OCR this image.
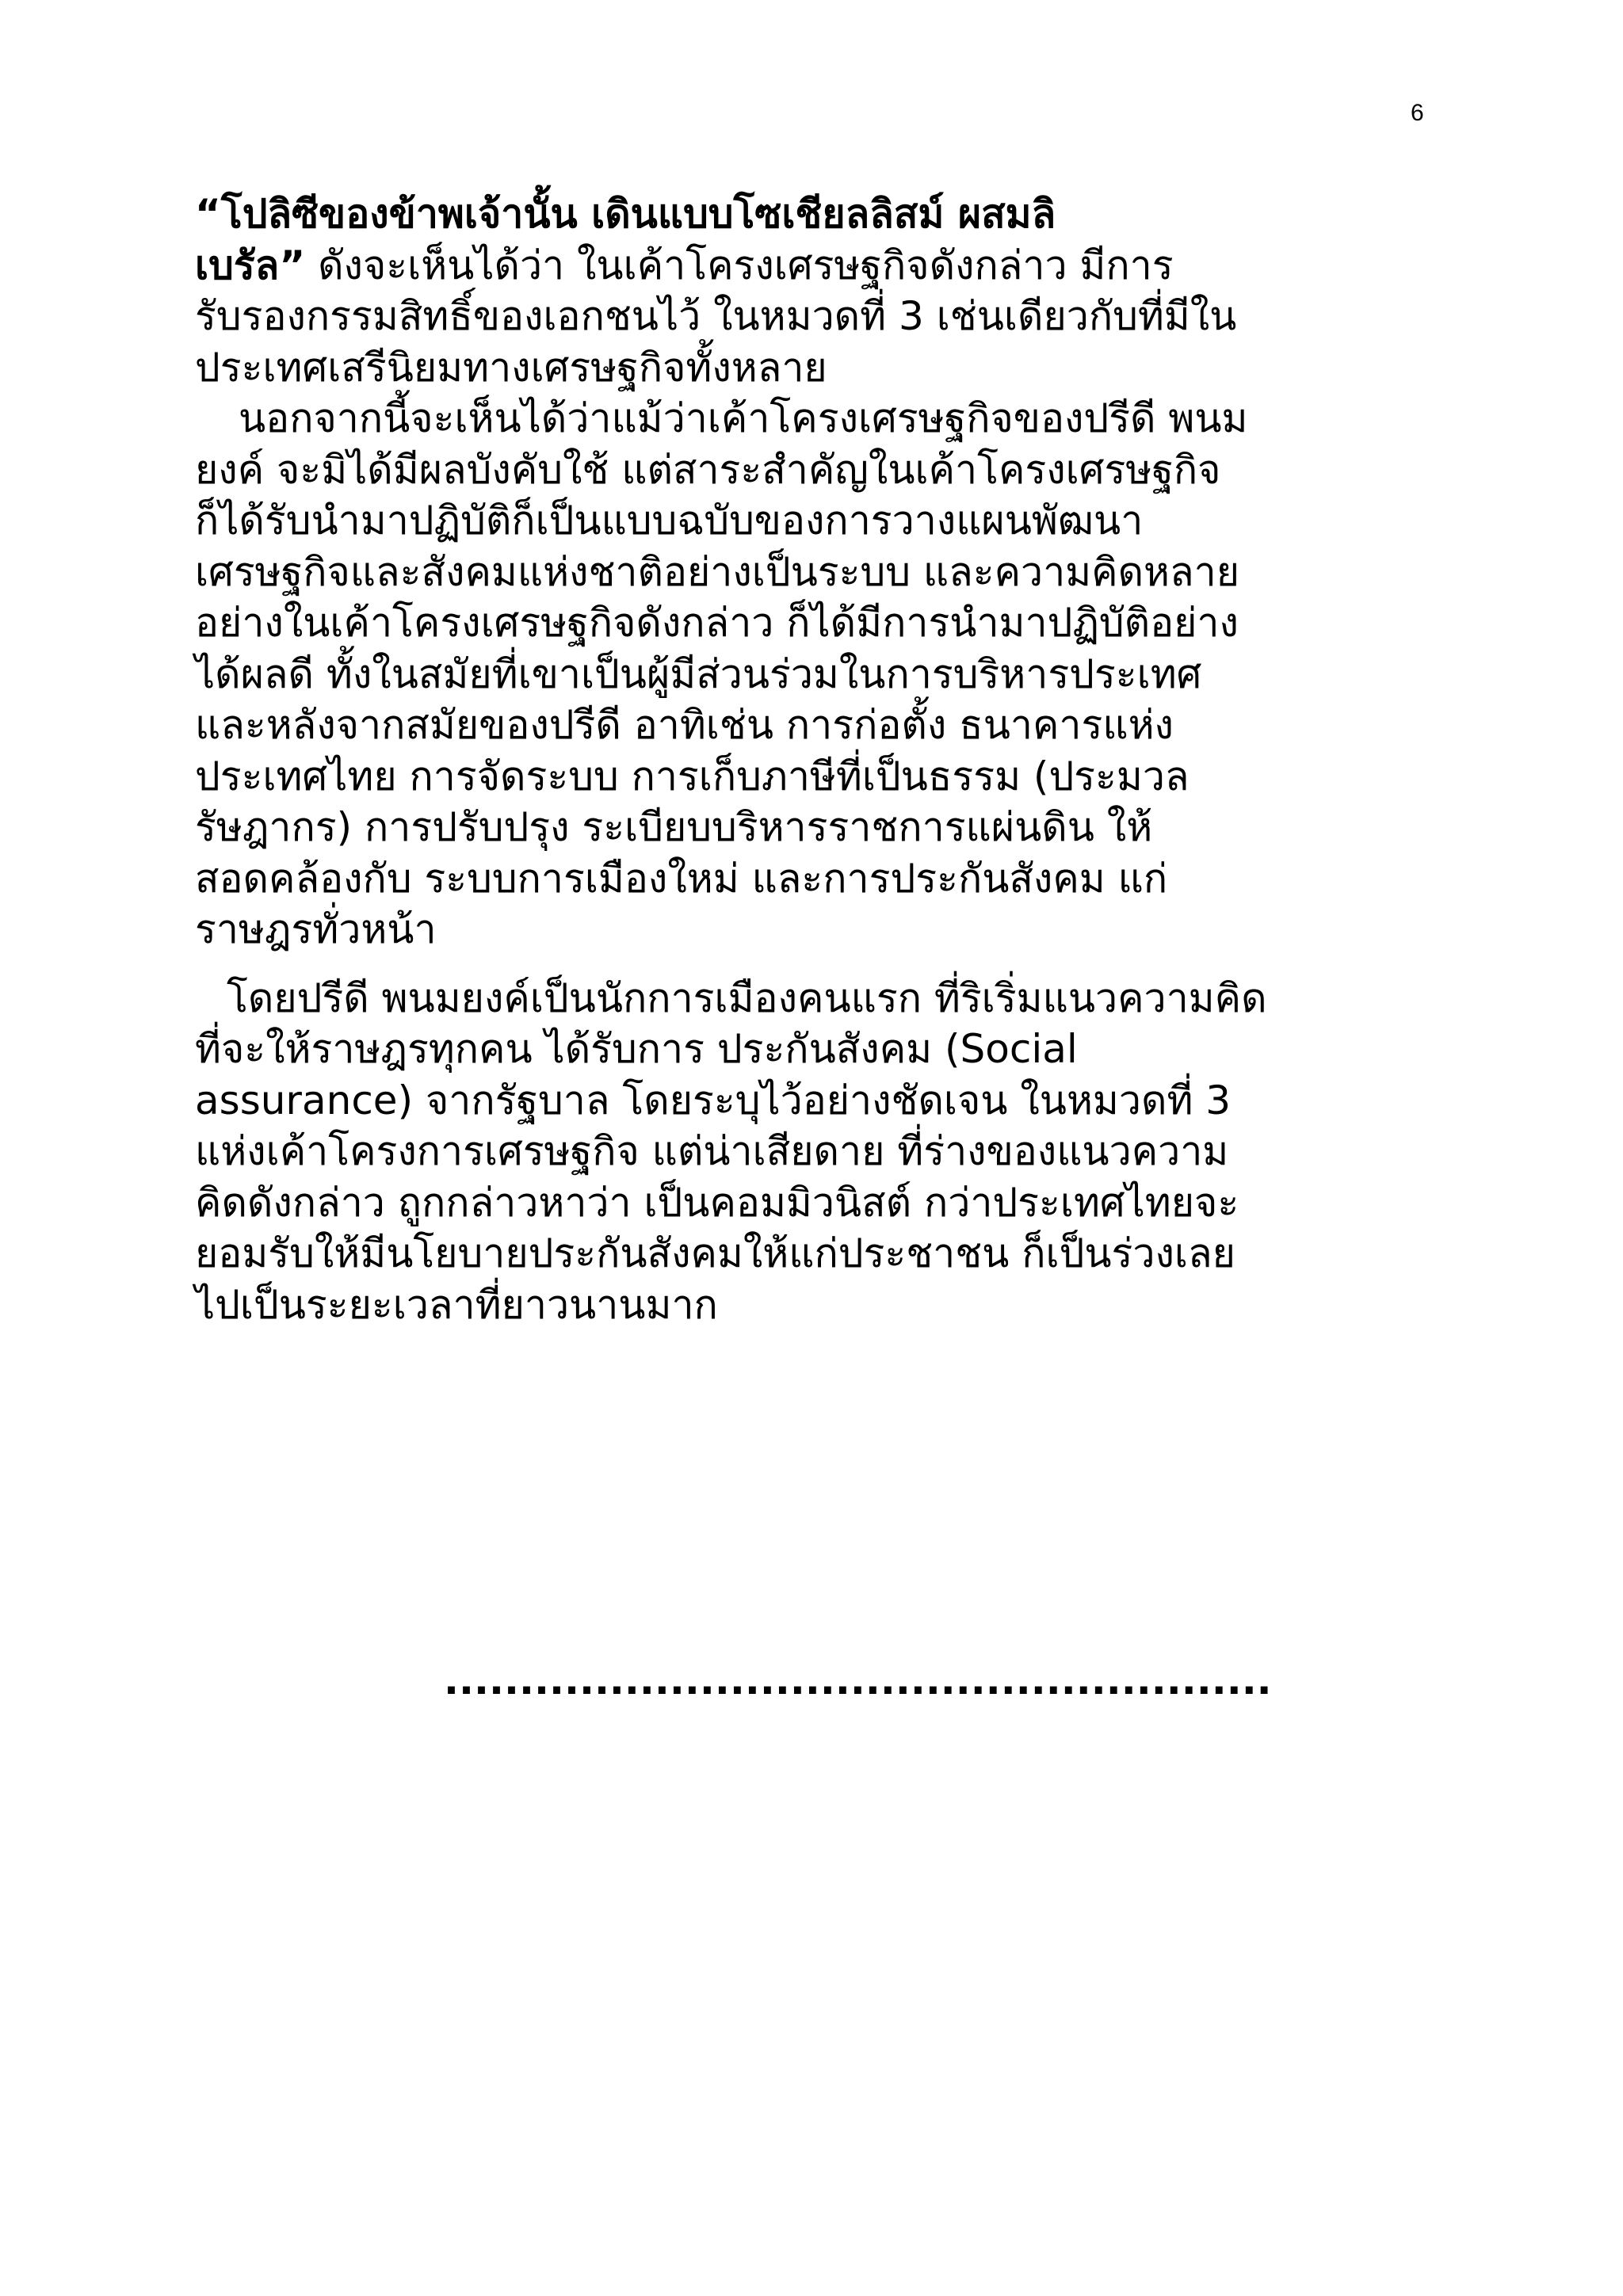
6

“โปลิซีของข้าพเจ้านั้น เดินแบบโซเชียลลิสม์ ผสมลิ
เบรัล” ดังจะเห็นได้ว่า ในเค้าโครงเศรษฐกิจดังกล่าว มีการ
รับรองกรรมสิทธิ์ของเอกชนไว้ ในหมวดที่ 3 เช่นเดียวกับที่มีใน
ประเทศเสรีนิยมทางเศรษฐกิจทั้งหลาย

นอกจากนี้จะเห็นได้ว่าแม้ว่าเค้าโครงเศรษฐกิจของปรีดี พนม
ยงค์ จะมิได้มีผลบังคับใช้ แต่สาระสำคัญในเค้าโครงเศรษฐกิจ
ก็ได้รับนำมาปฏิบัติก็เป็นแบบฉบับของการวางแผนพัฒนา
เศรษฐกิจและสังคมแห่งชาติอย่างเป็นระบบ และความคิดหลาย
อย่างในเค้าโครงเศรษฐกิจดังกล่าว ก็ได้มีการนำมาปฏิบัติอย่าง
ได้ผลดี ทั้งในสมัยที่เขาเป็นผู้มีส่วนร่วมในการบริหารประเทศ
และหลังจากสมัยของปรีดี อาทิเช่น การก่อตั้ง ธนาคารแห่ง
ประเทศไทย การจัดระบบ การเก็บภาษีที่เป็นธรรม (ประมวล
รัษฎากร) การปรับปรุง ระเบียบบริหารราชการแผ่นดิน ให้
สอดคล้องกับ ระบบการเมืองใหม่ และการประกันสังคม แก่
ราษฎรทั่วหน้า

โดยปรีดี พนมยงค์เป็นนักการเมืองคนแรก ที่ริเริ่มแนวความคิด
ที่จะให้ราษฎรทุกคน ได้รับการ ประกันสังคม (Social
assurance) จากรัฐบาล โดยระบุไว้อย่างชัดเจน ในหมวดที่ 3
แห่งเค้าโครงการเศรษฐกิจ แต่น่าเสียดาย ที่ร่างของแนวความ
คิดดังกล่าว ถูกกล่าวหาว่า เป็นคอมมิวนิสต์ กว่าประเทศไทยจะ
ยอมรับให้มีนโยบายประกันสังคมให้แก่ประชาชน ก็เป็นร่วงเลย
ไปเป็นระยะเวลาที่ยาวนานมาก

.......................................................
